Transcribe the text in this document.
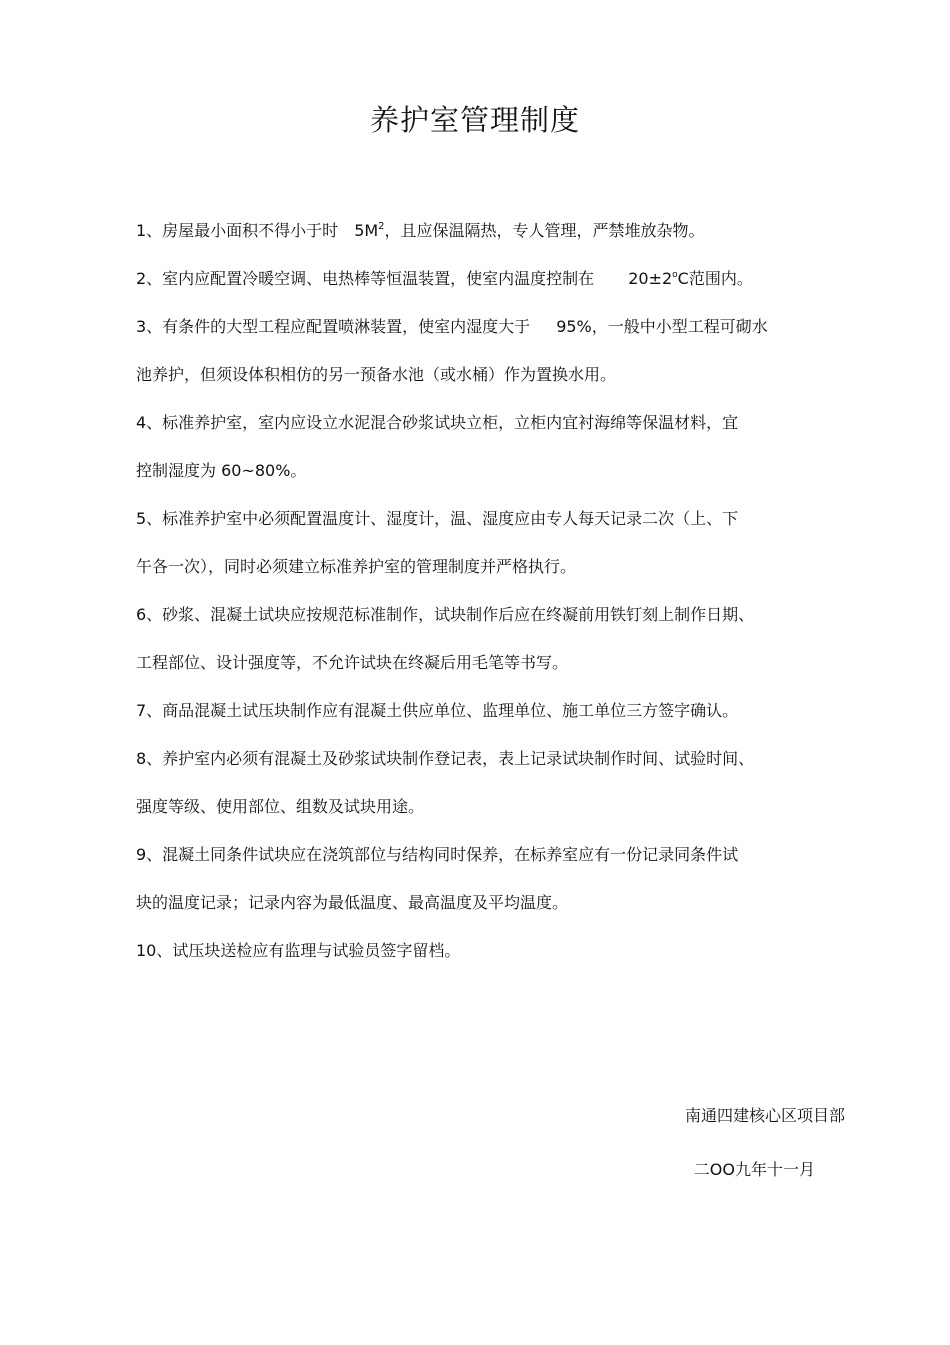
养护室管理制度
1、房屋最小面积不得小于时 $5M^2$，且应保温隔热，专人管理，严禁堆放杂物。
2、室内应配置冷暖空调、电热棒等恒温装置，使室内温度控制在 $20\pm 2^oC$范围内。
3、有条件的大型工程应配置喷淋装置，使室内湿度大于 95%，一般中小型工程可砌水
池养护，但须设体积相仿的另一预备水池（或水桶）作为置换水用。
4、标准养护室，室内应设立水泥混合砂浆试块立柜，立柜内宜衬海绵等保温材料，宜
控制湿度为 60~80%。
5、标准养护室中必须配置温度计、湿度计，温、湿度应由专人每天记录二次（上、下
午各一次），同时必须建立标准养护室的管理制度并严格执行。
6、砂浆、混凝土试块应按规范标准制作，试块制作后应在终凝前用铁钉刻上制作日期、
工程部位、设计强度等，不允许试块在终凝后用毛笔等书写。
7、商品混凝土试压块制作应有混凝土供应单位、监理单位、施工单位三方签字确认。
8、养护室内必须有混凝土及砂浆试块制作登记表，表上记录试块制作时间、试验时间、
强度等级、使用部位、组数及试块用途。
9、混凝土同条件试块应在浇筑部位与结构同时保养，在标养室应有一份记录同条件试
块的温度记录；记录内容为最低温度、最高温度及平均温度。
10、试压块送检应有监理与试验员签字留档。
南通四建核心区项目部
二OO九年十一月
